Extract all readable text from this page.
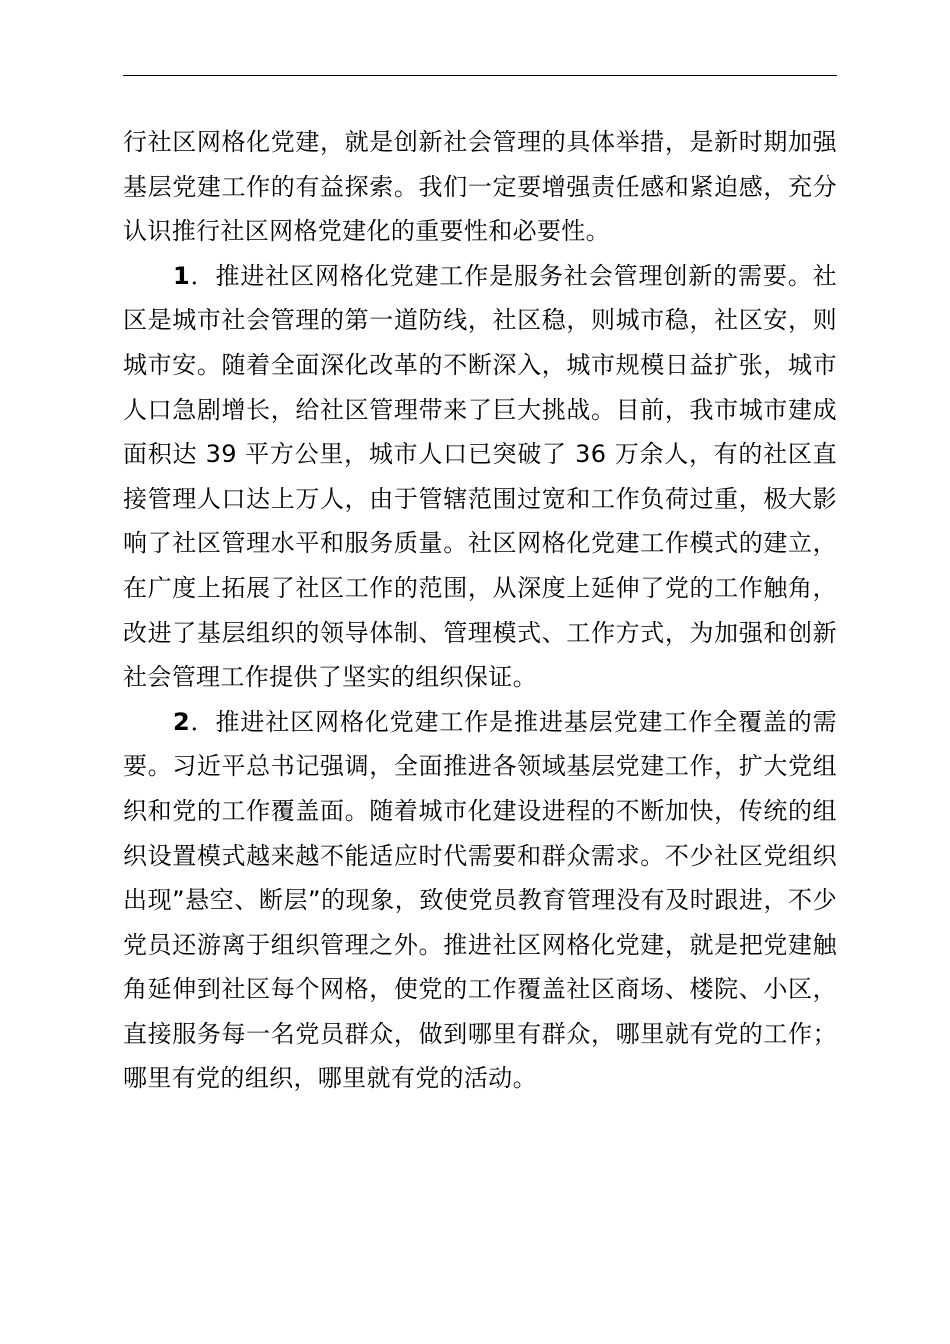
行社区网格化党建，就是创新社会管理的具体举措，是新时期加强基层党建工作的有益探索。我们一定要增强责任感和紧迫感，充分认识推行社区网格党建化的重要性和必要性。

1．推进社区网格化党建工作是服务社会管理创新的需要。社区是城市社会管理的第一道防线，社区稳，则城市稳，社区安，则城市安。随着全面深化改革的不断深入，城市规模日益扩张，城市人口急剧增长，给社区管理带来了巨大挑战。目前，我市城市建成面积达 39 平方公里，城市人口已突破了 36 万余人，有的社区直接管理人口达上万人，由于管辖范围过宽和工作负荷过重，极大影响了社区管理水平和服务质量。社区网格化党建工作模式的建立，在广度上拓展了社区工作的范围，从深度上延伸了党的工作触角，改进了基层组织的领导体制、管理模式、工作方式，为加强和创新社会管理工作提供了坚实的组织保证。

2．推进社区网格化党建工作是推进基层党建工作全覆盖的需要。习近平总书记强调，全面推进各领域基层党建工作，扩大党组织和党的工作覆盖面。随着城市化建设进程的不断加快，传统的组织设置模式越来越不能适应时代需要和群众需求。不少社区党组织出现”悬空、断层”的现象，致使党员教育管理没有及时跟进，不少党员还游离于组织管理之外。推进社区网格化党建，就是把党建触角延伸到社区每个网格，使党的工作覆盖社区商场、楼院、小区，直接服务每一名党员群众，做到哪里有群众，哪里就有党的工作；哪里有党的组织，哪里就有党的活动。
